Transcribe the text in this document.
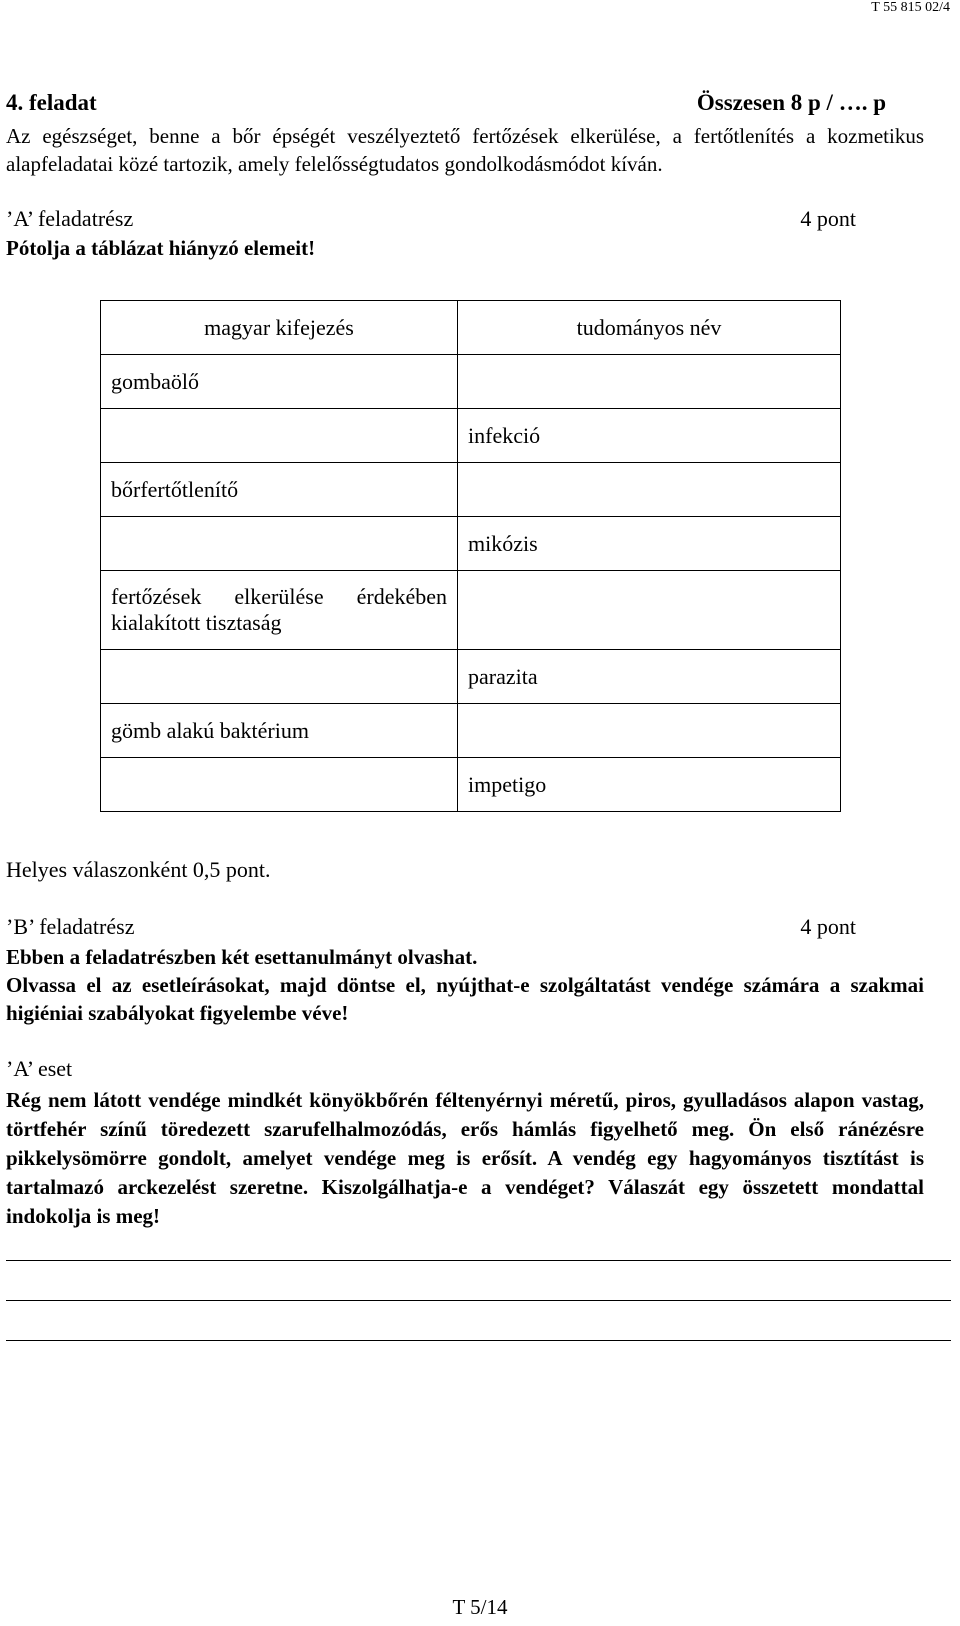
T 55 815 02/4
4. feladat	Összesen 8 p / …. p
Az egészséget, benne a bőr épségét veszélyeztető fertőzések elkerülése, a fertőtlenítés a kozmetikus alapfeladatai közé tartozik, amely felelősségtudatos gondolkodásmódot kíván.
’A’ feladatrész	4 pont
Pótolja a táblázat hiányzó elemeit!
magyar kifejezés	tudományos név
gombaölő	
	infekció
bőrfertőtlenítő	
	mikózis
fertőzések elkerülése érdekében kialakított tisztaság	
	parazita
gömb alakú baktérium	
	impetigo
Helyes válaszonként 0,5 pont.
’B’ feladatrész	4 pont
Ebben a feladatrészben két esettanulmányt olvashat.
Olvassa el az esetleírásokat, majd döntse el, nyújthat-e szolgáltatást vendége számára a szakmai higiéniai szabályokat figyelembe véve!
’A’ eset
Rég nem látott vendége mindkét könyökbőrén féltenyérnyi méretű, piros, gyulladásos alapon vastag, törtfehér színű töredezett szarufelhalmozódás, erős hámlás figyelhető meg. Ön első ránézésre pikkelysömörre gondolt, amelyet vendége meg is erősít. A vendég egy hagyományos tisztítást is tartalmazó arckezelést szeretne. Kiszolgálhatja-e a vendéget? Válaszát egy összetett mondattal indokolja is meg!
T 5/14
